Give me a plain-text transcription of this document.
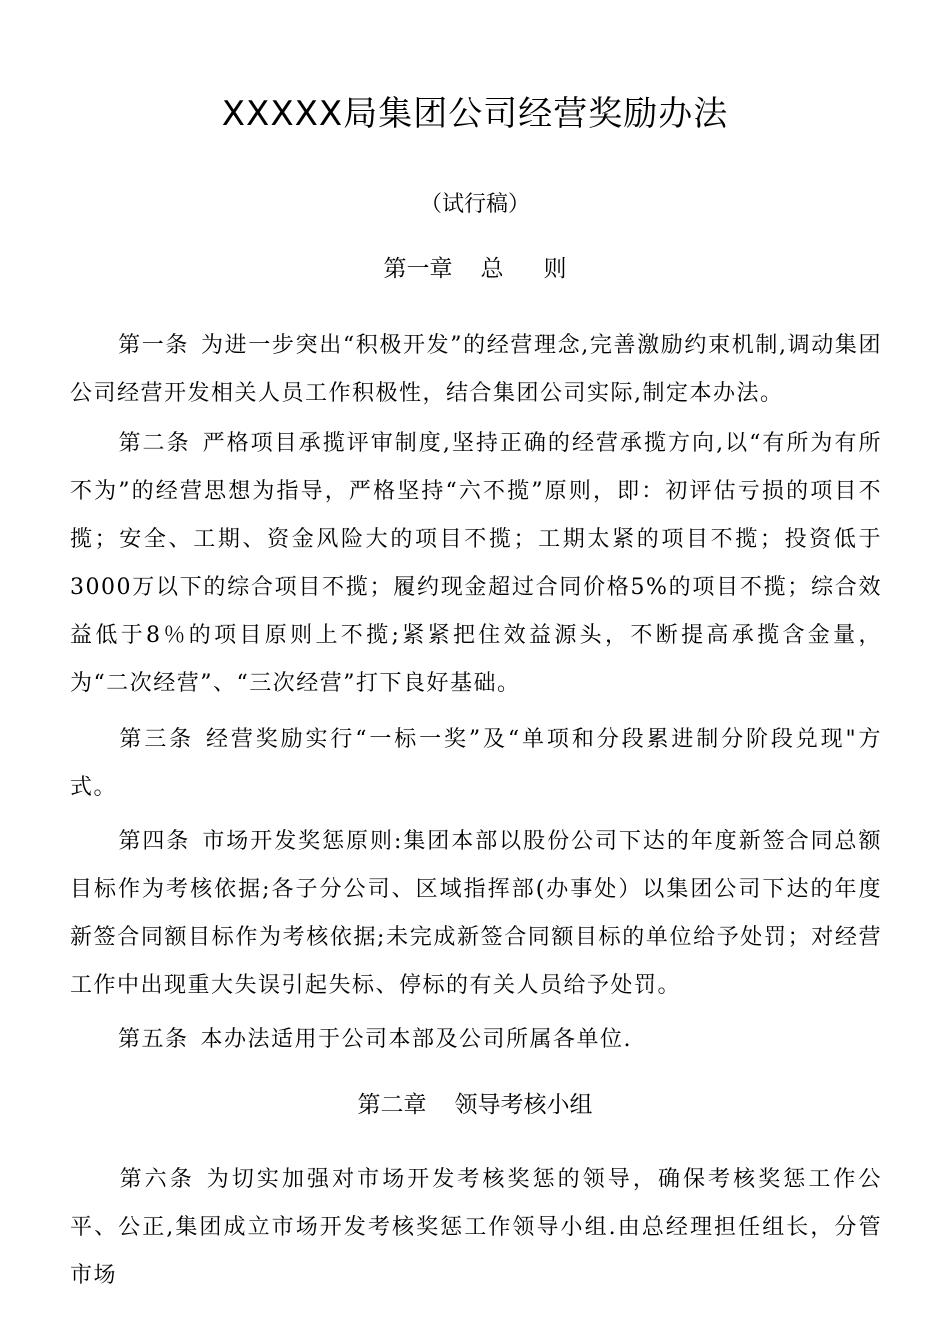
XXXXX局集团公司经营奖励办法
（试行稿）
第一章 总 则
第一条 为进一步突出“积极开发”的经营理念,完善激励约束机制,调动集团公司经营开发相关人员工作积极性，结合集团公司实际,制定本办法。
第二条 严格项目承揽评审制度,坚持正确的经营承揽方向,以“有所为有所不为”的经营思想为指导，严格坚持“六不揽”原则，即：初评估亏损的项目不揽；安全、工期、资金风险大的项目不揽；工期太紧的项目不揽；投资低于3000万以下的综合项目不揽；履约现金超过合同价格5%的项目不揽；综合效益低于8％的项目原则上不揽;紧紧把住效益源头，不断提高承揽含金量，为“二次经营”、“三次经营”打下良好基础。
第三条 经营奖励实行“一标一奖”及“单项和分段累进制分阶段兑现"方式。
第四条 市场开发奖惩原则:集团本部以股份公司下达的年度新签合同总额目标作为考核依据;各子分公司、区域指挥部(办事处）以集团公司下达的年度新签合同额目标作为考核依据;未完成新签合同额目标的单位给予处罚；对经营工作中出现重大失误引起失标、停标的有关人员给予处罚。
第五条 本办法适用于公司本部及公司所属各单位.
第二章 领导考核小组
第六条 为切实加强对市场开发考核奖惩的领导，确保考核奖惩工作公平、公正,集团成立市场开发考核奖惩工作领导小组.由总经理担任组长，分管市场
